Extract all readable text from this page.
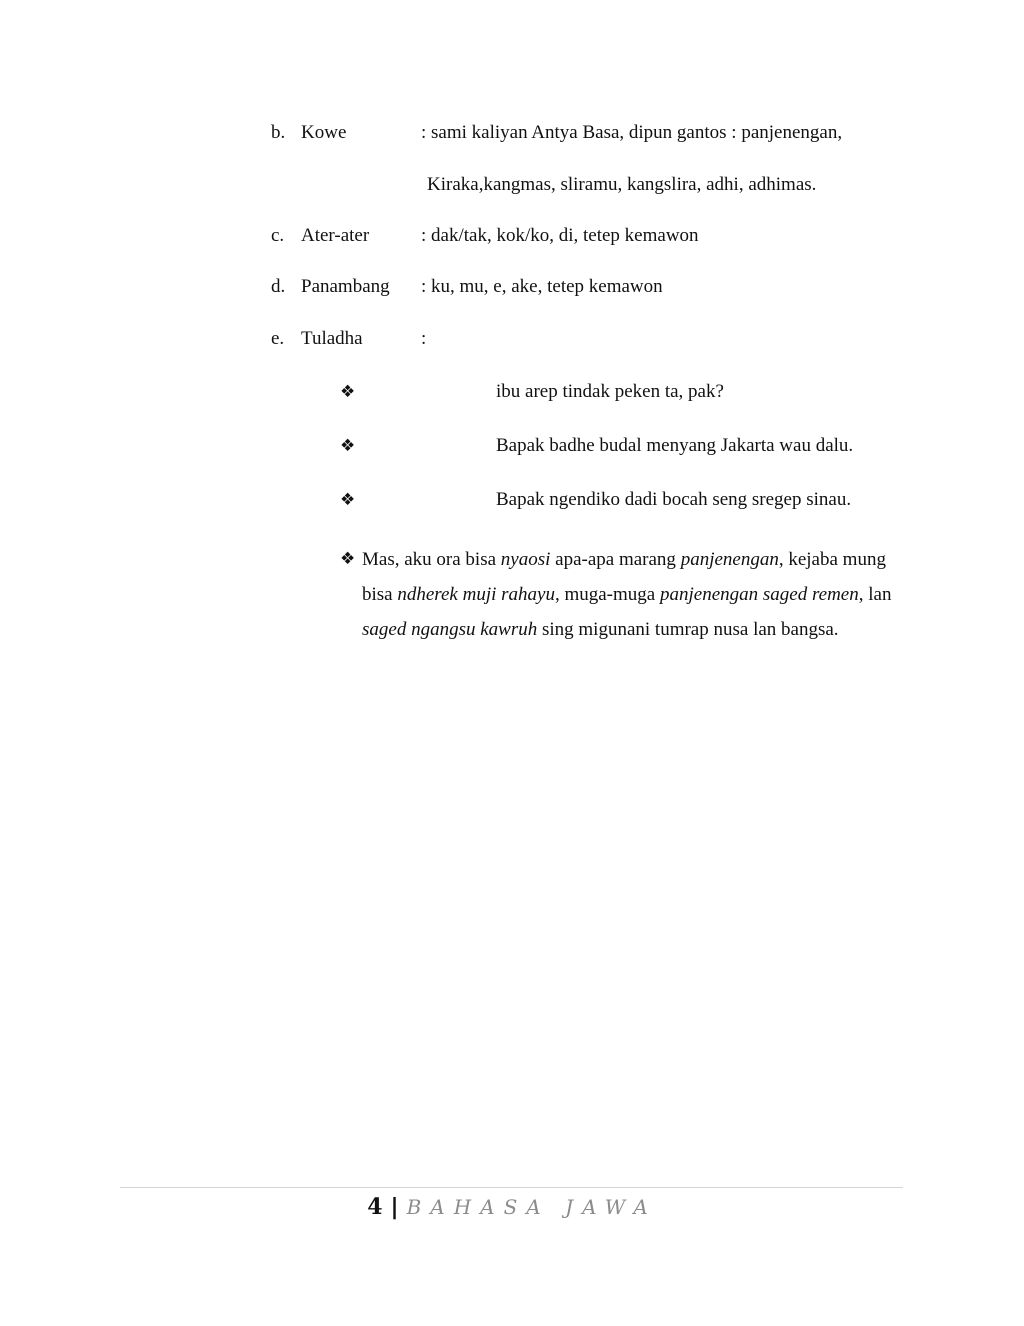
b. Kowe	: sami kaliyan Antya Basa, dipun gantos : panjenengan,
Kiraka,kangmas, sliramu, kangslira, adhi, adhimas.
c. Ater-ater	: dak/tak, kok/ko, di, tetep kemawon
d. Panambang : ku, mu, e, ake, tetep kemawon
e. Tuladha	:
❖	ibu arep tindak peken ta, pak?
❖	Bapak badhe budal menyang Jakarta wau dalu.
❖	Bapak ngendiko dadi bocah seng sregep sinau.
❖ Mas, aku ora bisa nyaosi apa-apa marang panjenengan, kejaba mung bisa ndherek muji rahayu, muga-muga panjenengan saged remen, lan saged ngangsu kawruh sing migunani tumrap nusa lan bangsa.
4 | BAHASA JAWA
